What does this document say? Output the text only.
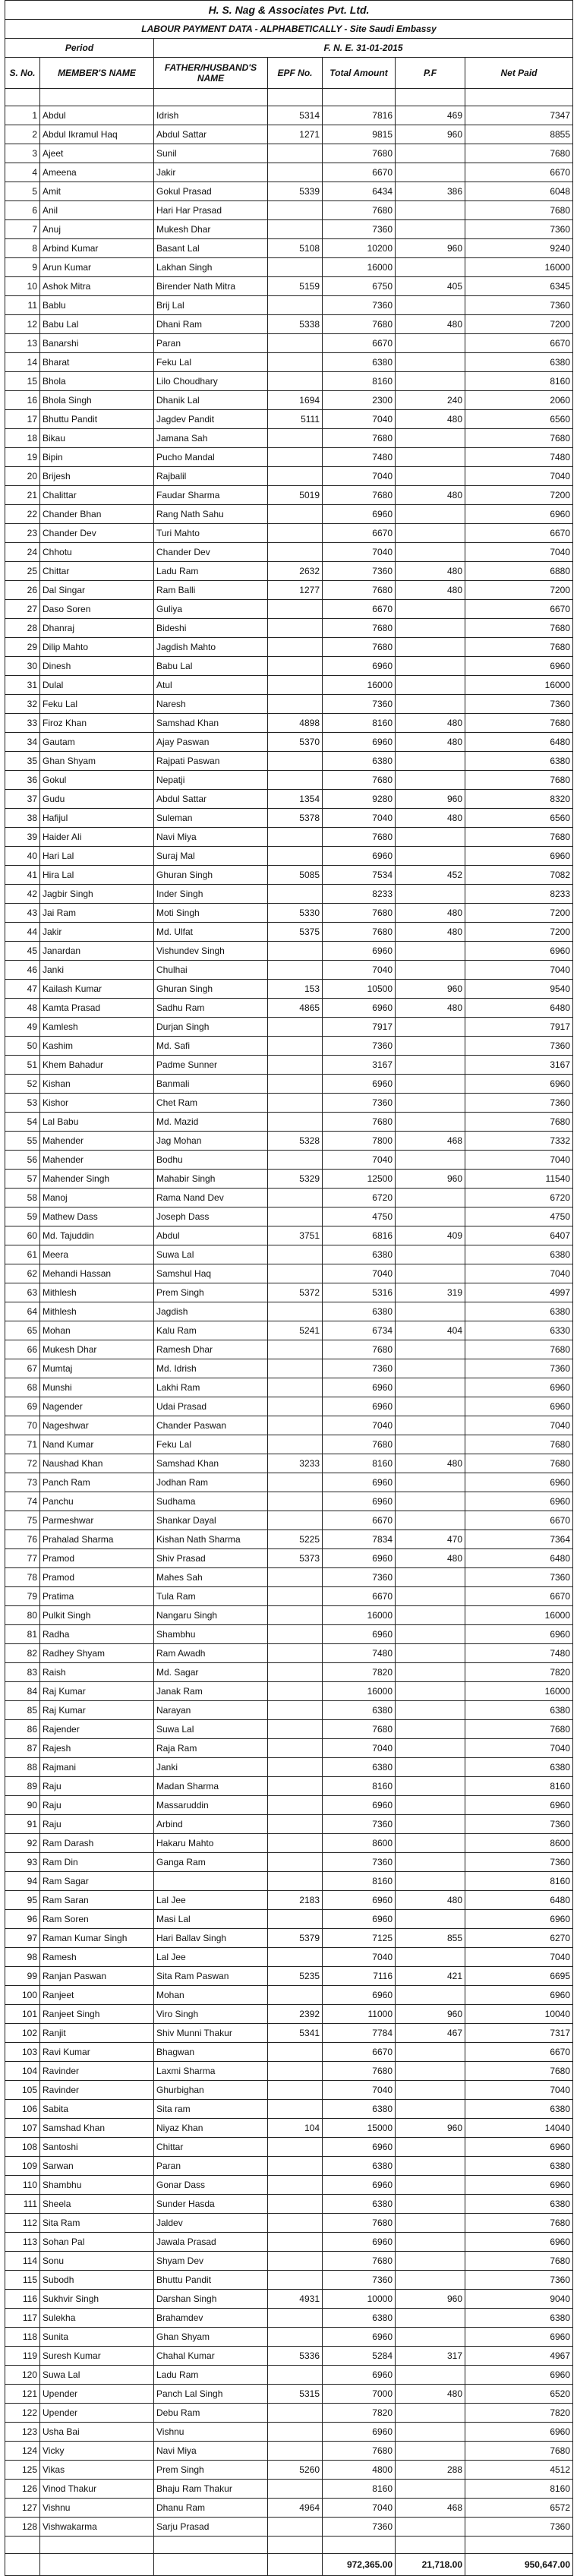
H. S. Nag & Associates Pvt. Ltd.						
LABOUR PAYMENT DATA - ALPHABETICALLY - Site Saudi Embassy						
Period		F. N. E. 31-01-2015				
S. No.	MEMBER'S NAME	FATHER/HUSBAND'S NAME	EPF No.	Total Amount	P.F	Net Paid

1	Abdul	Idrish	5314	7816	469	7347
2	Abdul Ikramul Haq	Abdul Sattar	1271	9815	960	8855
3	Ajeet	Sunil		7680		7680
4	Ameena	Jakir		6670		6670
5	Amit	Gokul Prasad	5339	6434	386	6048
6	Anil	Hari Har Prasad		7680		7680
7	Anuj	Mukesh Dhar		7360		7360
8	Arbind Kumar	Basant Lal	5108	10200	960	9240
9	Arun Kumar	Lakhan Singh		16000		16000
10	Ashok Mitra	Birender Nath Mitra	5159	6750	405	6345
11	Bablu	Brij Lal		7360		7360
12	Babu Lal	Dhani Ram	5338	7680	480	7200
13	Banarshi	Paran		6670		6670
14	Bharat	Feku Lal		6380		6380
15	Bhola	Lilo Choudhary		8160		8160
16	Bhola Singh	Dhanik Lal	1694	2300	240	2060
17	Bhuttu Pandit	Jagdev Pandit	5111	7040	480	6560
18	Bikau	Jamana Sah		7680		7680
19	Bipin	Pucho Mandal		7480		7480
20	Brijesh	Rajbalil		7040		7040
21	Chalittar	Faudar Sharma	5019	7680	480	7200
22	Chander Bhan	Rang Nath Sahu		6960		6960
23	Chander Dev	Turi Mahto		6670		6670
24	Chhotu	Chander Dev		7040		7040
25	Chittar	Ladu Ram	2632	7360	480	6880
26	Dal Singar	Ram Balli	1277	7680	480	7200
27	Daso Soren	Guliya		6670		6670
28	Dhanraj	Bideshi		7680		7680
29	Dilip Mahto	Jagdish Mahto		7680		7680
30	Dinesh	Babu Lal		6960		6960
31	Dulal	Atul		16000		16000
32	Feku Lal	Naresh		7360		7360
33	Firoz Khan	Samshad Khan	4898	8160	480	7680
34	Gautam	Ajay Paswan	5370	6960	480	6480
35	Ghan Shyam	Rajpati Paswan		6380		6380
36	Gokul	Nepatji		7680		7680
37	Gudu	Abdul Sattar	1354	9280	960	8320
38	Hafijul	Suleman	5378	7040	480	6560
39	Haider Ali	Navi Miya		7680		7680
40	Hari Lal	Suraj Mal		6960		6960
41	Hira Lal	Ghuran Singh	5085	7534	452	7082
42	Jagbir Singh	Inder Singh		8233		8233
43	Jai Ram	Moti Singh	5330	7680	480	7200
44	Jakir	Md. Ulfat	5375	7680	480	7200
45	Janardan	Vishundev Singh		6960		6960
46	Janki	Chulhai		7040		7040
47	Kailash Kumar	Ghuran Singh	153	10500	960	9540
48	Kamta Prasad	Sadhu Ram	4865	6960	480	6480
49	Kamlesh	Durjan Singh		7917		7917
50	Kashim	Md. Safi		7360		7360
51	Khem Bahadur	Padme Sunner		3167		3167
52	Kishan	Banmali		6960		6960
53	Kishor	Chet Ram		7360		7360
54	Lal Babu	Md. Mazid		7680		7680
55	Mahender	Jag Mohan	5328	7800	468	7332
56	Mahender	Bodhu		7040		7040
57	Mahender Singh	Mahabir Singh	5329	12500	960	11540
58	Manoj	Rama Nand Dev		6720		6720
59	Mathew Dass	Joseph Dass		4750		4750
60	Md. Tajuddin	Abdul	3751	6816	409	6407
61	Meera	Suwa Lal		6380		6380
62	Mehandi Hassan	Samshul Haq		7040		7040
63	Mithlesh	Prem Singh	5372	5316	319	4997
64	Mithlesh	Jagdish		6380		6380
65	Mohan	Kalu Ram	5241	6734	404	6330
66	Mukesh Dhar	Ramesh Dhar		7680		7680
67	Mumtaj	Md. Idrish		7360		7360
68	Munshi	Lakhi Ram		6960		6960
69	Nagender	Udai Prasad		6960		6960
70	Nageshwar	Chander Paswan		7040		7040
71	Nand Kumar	Feku Lal		7680		7680
72	Naushad Khan	Samshad Khan	3233	8160	480	7680
73	Panch Ram	Jodhan Ram		6960		6960
74	Panchu	Sudhama		6960		6960
75	Parmeshwar	Shankar Dayal		6670		6670
76	Prahalad Sharma	Kishan Nath Sharma	5225	7834	470	7364
77	Pramod	Shiv Prasad	5373	6960	480	6480
78	Pramod	Mahes Sah		7360		7360
79	Pratima	Tula Ram		6670		6670
80	Pulkit Singh	Nangaru Singh		16000		16000
81	Radha	Shambhu		6960		6960
82	Radhey Shyam	Ram Awadh		7480		7480
83	Raish	Md. Sagar		7820		7820
84	Raj Kumar	Janak Ram		16000		16000
85	Raj Kumar	Narayan		6380		6380
86	Rajender	Suwa Lal		7680		7680
87	Rajesh	Raja Ram		7040		7040
88	Rajmani	Janki		6380		6380
89	Raju	Madan Sharma		8160		8160
90	Raju	Massaruddin		6960		6960
91	Raju	Arbind		7360		7360
92	Ram Darash	Hakaru Mahto		8600		8600
93	Ram Din	Ganga Ram		7360		7360
94	Ram Sagar			8160		8160
95	Ram Saran	Lal Jee	2183	6960	480	6480
96	Ram Soren	Masi Lal		6960		6960
97	Raman Kumar Singh	Hari Ballav Singh	5379	7125	855	6270
98	Ramesh	Lal Jee		7040		7040
99	Ranjan Paswan	Sita Ram Paswan	5235	7116	421	6695
100	Ranjeet	Mohan		6960		6960
101	Ranjeet Singh	Viro Singh	2392	11000	960	10040
102	Ranjit	Shiv Munni Thakur	5341	7784	467	7317
103	Ravi Kumar	Bhagwan		6670		6670
104	Ravinder	Laxmi Sharma		7680		7680
105	Ravinder	Ghurbighan		7040		7040
106	Sabita	Sita ram		6380		6380
107	Samshad Khan	Niyaz Khan	104	15000	960	14040
108	Santoshi	Chittar		6960		6960
109	Sarwan	Paran		6380		6380
110	Shambhu	Gonar Dass		6960		6960
111	Sheela	Sunder Hasda		6380		6380
112	Sita Ram	Jaldev		7680		7680
113	Sohan Pal	Jawala Prasad		6960		6960
114	Sonu	Shyam Dev		7680		7680
115	Subodh	Bhuttu Pandit		7360		7360
116	Sukhvir Singh	Darshan Singh	4931	10000	960	9040
117	Sulekha	Brahamdev		6380		6380
118	Sunita	Ghan Shyam		6960		6960
119	Suresh Kumar	Chahal Kumar	5336	5284	317	4967
120	Suwa Lal	Ladu Ram		6960		6960
121	Upender	Panch Lal Singh	5315	7000	480	6520
122	Upender	Debu Ram		7820		7820
123	Usha Bai	Vishnu		6960		6960
124	Vicky	Navi Miya		7680		7680
125	Vikas	Prem Singh	5260	4800	288	4512
126	Vinod Thakur	Bhaju Ram Thakur		8160		8160
127	Vishnu	Dhanu Ram	4964	7040	468	6572
128	Vishwakarma	Sarju Prasad		7360		7360

				972,365.00	21,718.00	950,647.00
